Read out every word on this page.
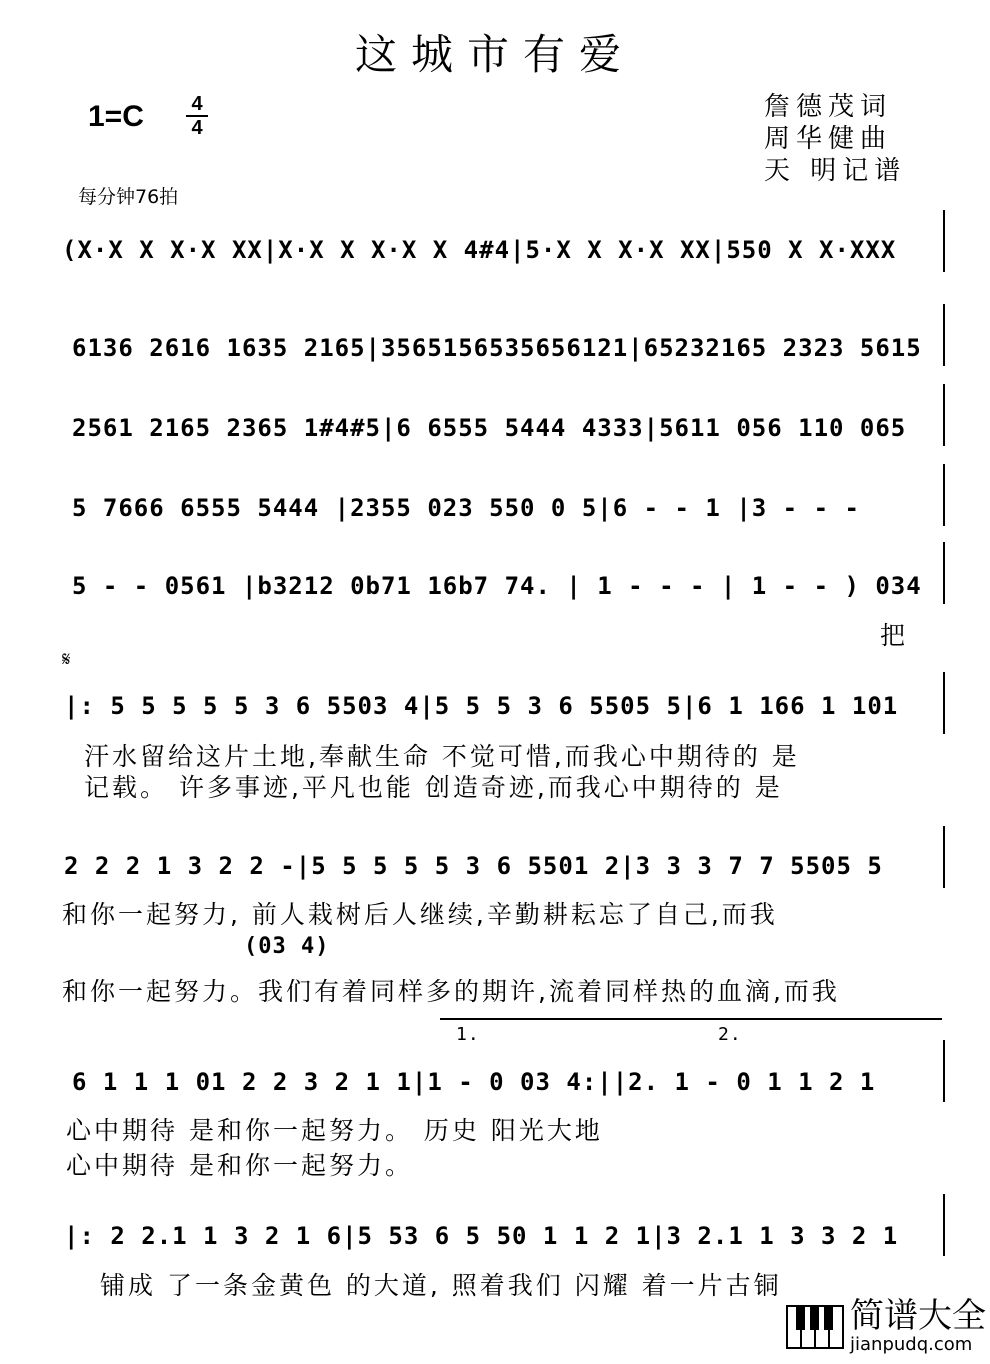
这城市有爱
1=C 4
4
詹德茂词
周华健曲
天 明记谱
每分钟76拍
(X·X X X·X XX|X·X X X·X X 4#4|5·X X X·X XX|550 X X·XXX
6136 2616 1635 2165|3565156535656121|65232165 2323 5615
2561 2165 2365 1#4#5|6 6555 5444 4333|5611 056 110 065
5 7666 6555 5444 |2355 023 550 0 5|6 - - 1 |3 - - -
5 - - 0561 |b3212 0b71 16b7 74. | 1 - - - | 1 - - ) 034
把
𝄋
|: 5 5 5 5 5 3 6 5503 4|5 5 5 3 6 5505 5|6 1 166 1 101
汗水留给这片土地,奉献生命 不觉可惜,而我心中期待的 是
记载。 许多事迹,平凡也能 创造奇迹,而我心中期待的 是
2 2 2 1 3 2 2 -|5 5 5 5 5 3 6 5501 2|3 3 3 7 7 5505 5
和你一起努力, 前人栽树后人继续,辛勤耕耘忘了自己,而我
(03 4)
和你一起努力。我们有着同样多的期许,流着同样热的血滴,而我
1.	2.
6 1 1 1 01 2 2 3 2 1 1|1 - 0 03 4:||2. 1 - 0 1 1 2 1
心中期待 是和你一起努力。 历史 阳光大地
心中期待 是和你一起努力。
|: 2 2.1 1 3 2 1 6|5 53 6 5 50 1 1 2 1|3 2.1 1 3 3 2 1
铺成 了一条金黄色 的大道, 照着我们 闪耀 着一片古铜
简谱大全
jianpudq.com
